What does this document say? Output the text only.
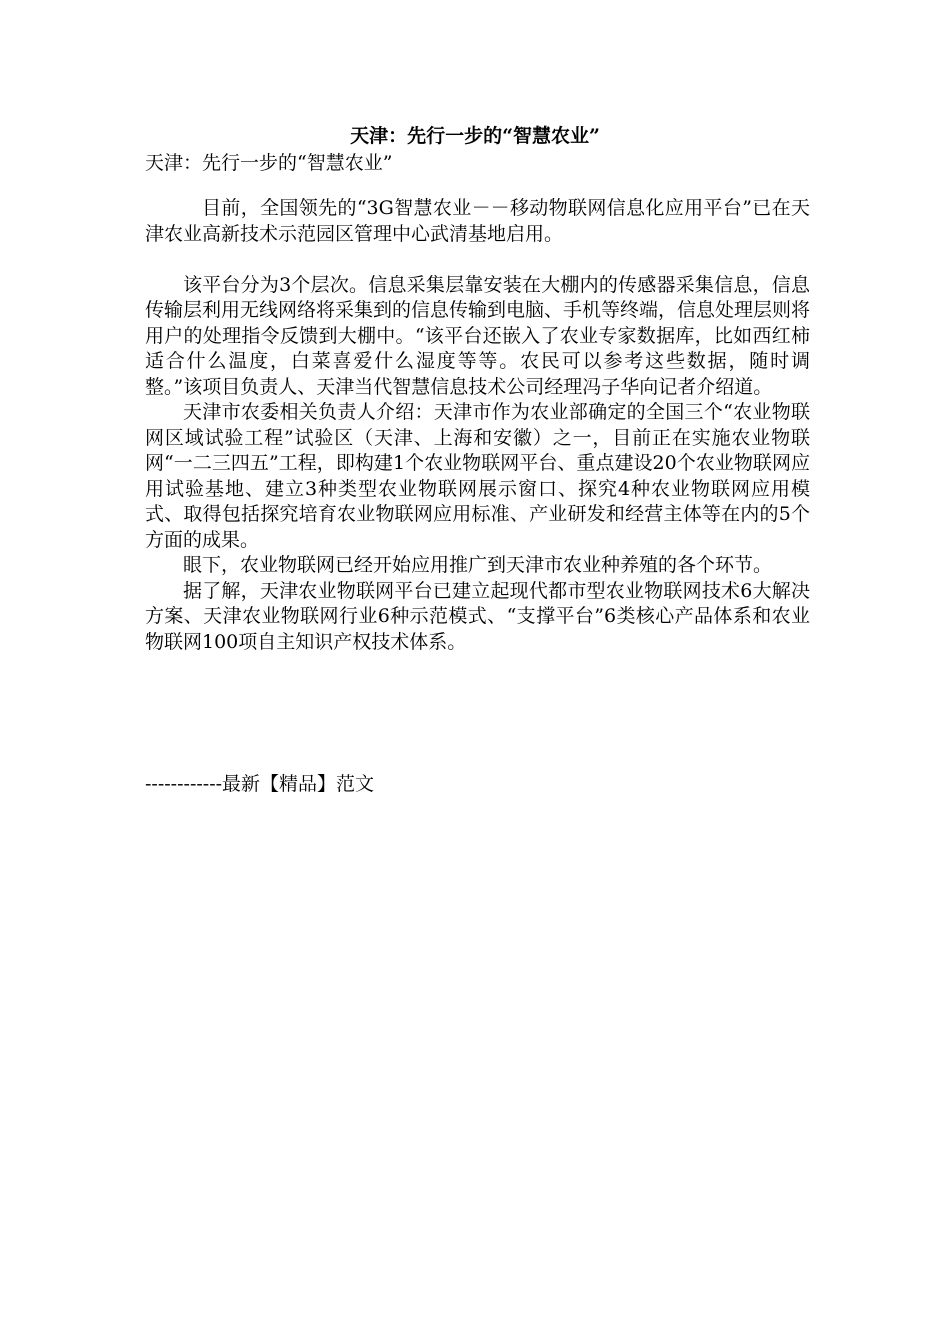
天津：先行一步的“智慧农业”
天津：先行一步的“智慧农业”

目前，全国领先的“3G智慧农业－－移动物联网信息化应用平台”已在天津农业高新技术示范园区管理中心武清基地启用。

该平台分为3个层次。信息采集层靠安装在大棚内的传感器采集信息，信息传输层利用无线网络将采集到的信息传输到电脑、手机等终端，信息处理层则将用户的处理指令反馈到大棚中。“该平台还嵌入了农业专家数据库，比如西红柿适合什么温度，白菜喜爱什么湿度等等。农民可以参考这些数据，随时调整。”该项目负责人、天津当代智慧信息技术公司经理冯子华向记者介绍道。

天津市农委相关负责人介绍：天津市作为农业部确定的全国三个“农业物联网区域试验工程”试验区（天津、上海和安徽）之一，目前正在实施农业物联网“一二三四五”工程，即构建1个农业物联网平台、重点建设20个农业物联网应用试验基地、建立3种类型农业物联网展示窗口、探究4种农业物联网应用模式、取得包括探究培育农业物联网应用标准、产业研发和经营主体等在内的5个方面的成果。

眼下，农业物联网已经开始应用推广到天津市农业种养殖的各个环节。

据了解，天津农业物联网平台已建立起现代都市型农业物联网技术6大解决方案、天津农业物联网行业6种示范模式、“支撑平台”6类核心产品体系和农业物联网100项自主知识产权技术体系。

------------最新【精品】范文
